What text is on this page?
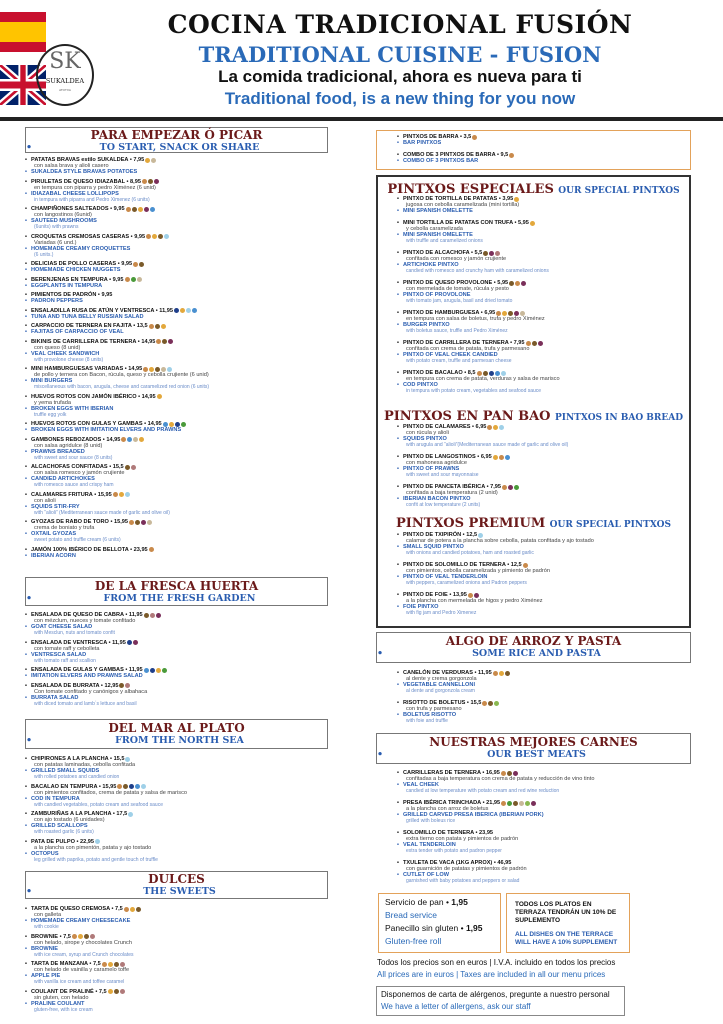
SK
SUKALDEA
ATOTXA
COCINA TRADICIONAL FUSIÓN
TRADITIONAL CUISINE - FUSION
La comida tradicional, ahora es nueva para ti
Traditional food, is a new thing for you now
PARA EMPEZAR Ó PICAR
• TO START, SNACK OR SHARE
• PATATAS BRAVAS estilo SUKALDEA • 7,95
con salsa brava y alioli casero
• SUKALDEA STYLE BRAVAS POTATOES
• PIRULETAS DE QUESO IDIAZABAL • 8,95
en tempura con piparra y pedro Ximénez (6 unid)
• IDIAZABAL CHEESE LOLLIPOPS
in tempura with piparra and Pedro Ximenez (6 units)
• CHAMPIÑONES SALTEADOS • 9,95
con langostinos (6unid)
• SAUTEED MUSHROOMS
(6units) with prawns
• CROQUETAS CREMOSAS CASERAS • 9,95
Variadas (6 und.)
• HOMEMADE CREAMY CROQUETTES
(6 units.)
• DELICIAS DE POLLO CASERAS • 9,95
• HOMEMADE CHICKEN NUGGETS
• BERENJENAS EN TEMPURA • 9,95
• EGGPLANTS IN TEMPURA
• PIMIENTOS DE PADRÓN • 9,95
• PADRON PEPPERS
• ENSALADILLA RUSA DE ATÚN Y VENTRESCA • 11,95
• TUNA AND TUNA BELLY RUSSIAN SALAD
• CARPACCIO DE TERNERA EN FAJITA • 13,5
• FAJITAS OF CARPACCIO OF VEAL
• BIKINIS DE CARRILLERA DE TERNERA • 14,95
con queso (8 unid)
• VEAL CHEEK SANDWICH
with provolone cheese (8 units)
• MINI HAMBURGUESAS VARIADAS • 14,95
de pollo y ternera con Bacon, rúcula, queso y cebolla crujiente (6 unid)
• MINI BURGERS
miscellaneous with bacon, arugula, cheese and caramelized red onion (6 units)
• HUEVOS ROTOS CON JAMÓN IBÉRICO • 14,95
y yema trufada
• BROKEN EGGS WITH IBERIAN
truffle egg yolk
• HUEVOS ROTOS CON GULAS Y GAMBAS • 14,95
• BROKEN EGGS WITH IMITATION ELVERS AND PRAWNS
• GAMBONES REBOZADOS • 14,95
con salsa agridulce (8 unid)
• PRAWNS BREADED
with sweet and sour sauce (8 units)
• ALCACHOFAS CONFITADAS • 15,5
con salsa romesco y jamón crujiente
• CANDIED ARTICHOKES
with romesco sauce and crispy ham
• CALAMARES FRITURA • 15,95
con alioli
• SQUIDS STIR-FRY
with “alioli” (Mediterranean sauce made of garlic and olive oil)
• GYOZAS DE RABO DE TORO • 15,95
crema de boniato y trufa
• OXTAIL GYOZAS
sweet potato and truffle cream (6 units)
• JAMÓN 100% IBÉRICO DE BELLOTA • 23,95
• IBERIAN ACORN
DE LA FRESCA HUERTA
• FROM THE FRESH GARDEN
• ENSALADA DE QUESO DE CABRA • 11,95
con mézclum, nueces y tomate confitado
• GOAT CHEESE SALAD
with Mesclun, nuts and tomato confit
• ENSALADA DE VENTRESCA • 11,95
con tomate raff y cebolleta
• VENTRESCA SALAD
with tomato raff and scallion
• ENSALADA DE GULAS Y GAMBAS • 11,95
• IMITATION ELVERS AND PRAWNS SALAD
• ENSALADA DE BURRATA • 12,95
Con tomate confitado y canónigos y albahaca
• BURRATA SALAD
with diced tomato and lamb´s lettuce and basil
DEL MAR AL PLATO
• FROM THE NORTH SEA
• CHIPIRONES A LA PLANCHA • 15,5
con patatas laminadas, cebolla confitada
• GRILLED SMALL SQUIDS
with rolled potatoes and candied onion
• BACALAO EN TEMPURA • 15,95
con pimientos confitados, crema de patata y salsa de marisco
• COD IN TEMPURA
with candied vegetables, potato cream and seafood sauce
• ZAMBURIÑAS A LA PLANCHA • 17,5
con ajo tostado (6 unidades)
• GRILLED SCALLOPS
with roasted garlic (6 units)
• PATA DE PULPO • 22,95
a la plancha con pimentón, patata y ajo tostado
• OCTOPUS
leg grilled with paprika, potato and gentle touch of truffle
DULCES
• THE SWEETS
• TARTA DE QUESO CREMOSA • 7,5
con galleta
• HOMEMADE CREAMY CHEESECAKE
with cookie
• BROWNIE • 7,5
con helado, sirope y chocolates Crunch
• BROWNIE
with ice cream, syrup and Crunch chocolates
• TARTA DE MANZANA • 7,5
con helado de vainilla y caramelo toffe
• APPLE PIE
with vanilla ice cream and toffee caramel
• COULANT DE PRALINÉ • 7,5
sin gluten, con helado
• PRALINE COULANT
gluten-free, with ice cream
• PINTXOS DE BARRA • 3,5
• BAR PINTXOS
• COMBO DE 3 PINTXOS DE BARRA • 9,5
• COMBO OF 3 PINTXOS BAR
PINTXOS ESPECIALES OUR SPECIAL PINTXOS
PINTXOS EN PAN BAO PINTXOS IN BAO BREAD
PINTXOS PREMIUM OUR SPECIAL PINTXOS
• PINTXO DE TORTILLA DE PATATAS • 3,95
jugosa con cebolla caramelizada (mini tortilla)
• MINI SPANISH OMELETTE
• MINI TORTILLA DE PATATAS CON TRUFA • 5,95
y cebolla caramelizada
• MINI SPANISH OMELETTE
with truffle and caramelized onions
• PINTXO DE ALCACHOFA • 5,5
confitada con romesco y jamón crujiente
• ARTICHOKE PINTXO
candied with romesco and crunchy ham with caramelized onions
• PINTXO DE QUESO PROVOLONE • 5,95
con mermelada de tomate, rúcula y pesto
• PINTXO OF PROVOLONE
with tomato jam, arugula, basil and dried tomato
• PINTXO DE HAMBURGUESA • 6,95
en tempura con salsa de boletus, trufa y pedro Ximénez
• BURGER PINTXO
with boletus sauce, truffle and Pedro Ximénez
• PINTXO DE CARRILLERA DE TERNERA • 7,95
confitada con crema de patata, trufa y parmesano
• PINTXO OF VEAL CHEEK CANDIED
with potato cream, truffle and parmesan cheese
• PINTXO DE BACALAO • 8,5
en tempura con crema de patata, verduras y salsa de marisco
• COD PINTXO
in tempura with potato cream, vegetables and seafood sauce
• PINTXO DE CALAMARES • 6,95
con rúcula y alioli
• SQUIDS PINTXO
with arugula and “alioli”(Mediterranean sauce made of garlic and olive oil)
• PINTXO DE LANGOSTINOS • 6,95
con mahonesa agridulce
• PINTXO OF PRAWNS
with sweet and sour mayonnaise
• PINTXO DE PANCETA IBÉRICA • 7,95
confitada a baja temperatura (2 unid)
• IBERIAN BACON PINTXO
confit at low temperature (2 units)
• PINTXO DE TXIPIRÓN • 12,5
calamar de potera a la plancha sobre cebolla, patata confitada y ajo tostado
• SMALL SQUID PINTXO
with onions and candied potatoes, ham and roasted garlic
• PINTXO DE SOLOMILLO DE TERNERA • 12,5
con pimientos, cebolla caramelizada y pimiento de padrón
• PINTXO OF VEAL TENDERLOIN
with peppers, caramelized onions and Padron peppers
• PINTXO DE FOIE • 13,95
a la plancha con mermelada de higos y pedro Ximénez
• FOIE PINTXO
with fig jam and Pedro Ximenez
ALGO DE ARROZ Y PASTA
• SOME RICE AND PASTA
• CANELÓN DE VERDURAS • 11,95
al dente y crema gorgonzola
• VEGETABLE CANNELLONI
al dente and gorgonzola cream
• RISOTTO DE BOLETUS • 15,5
con trufa y parmesano
• BOLETUS RISOTTO
with foie and truffle
NUESTRAS MEJORES CARNES
• OUR BEST MEATS
• CARRILLERAS DE TERNERA • 16,95
confitadas a baja temperatura con crema de patata y reducción de vino tinto
• VEAL CHEEK
candied at low temperature with potato cream and red wine reduction
• PRESA IBÉRICA TRINCHADA • 21,95
a la plancha con arroz de boletus
• GRILLED CARVED PRESA IBERICA (IBERIAN PORK)
grilled with boleus rice
• SOLOMILLO DE TERNERA • 23,95
extra tierno con patata y pimientos de padrón
• VEAL TENDERLOIN
extra tender with potato and padron pepper
• TXULETA DE VACA (1KG APROX) • 46,95
con guarnición de patatas y pimientos de padrón
• CUTLET OF LOW
garnished with baby potatoes and peppers or salad
Servicio de pan • 1,95
Bread service
Panecillo sin gluten • 1,95
Gluten-free roll
TODOS LOS PLATOS EN TERRAZA TENDRÁN UN 10% DE SUPLEMENTO
ALL DISHES ON THE TERRACE WILL HAVE A 10% SUPPLEMENT
Todos los precios son en euros | I.V.A. incluido en todos los precios
All prices are in euros | Taxes are included in all our menu prices
Disponemos de carta de alérgenos, pregunte a nuestro personal
We have a letter of allergens, ask our staff
